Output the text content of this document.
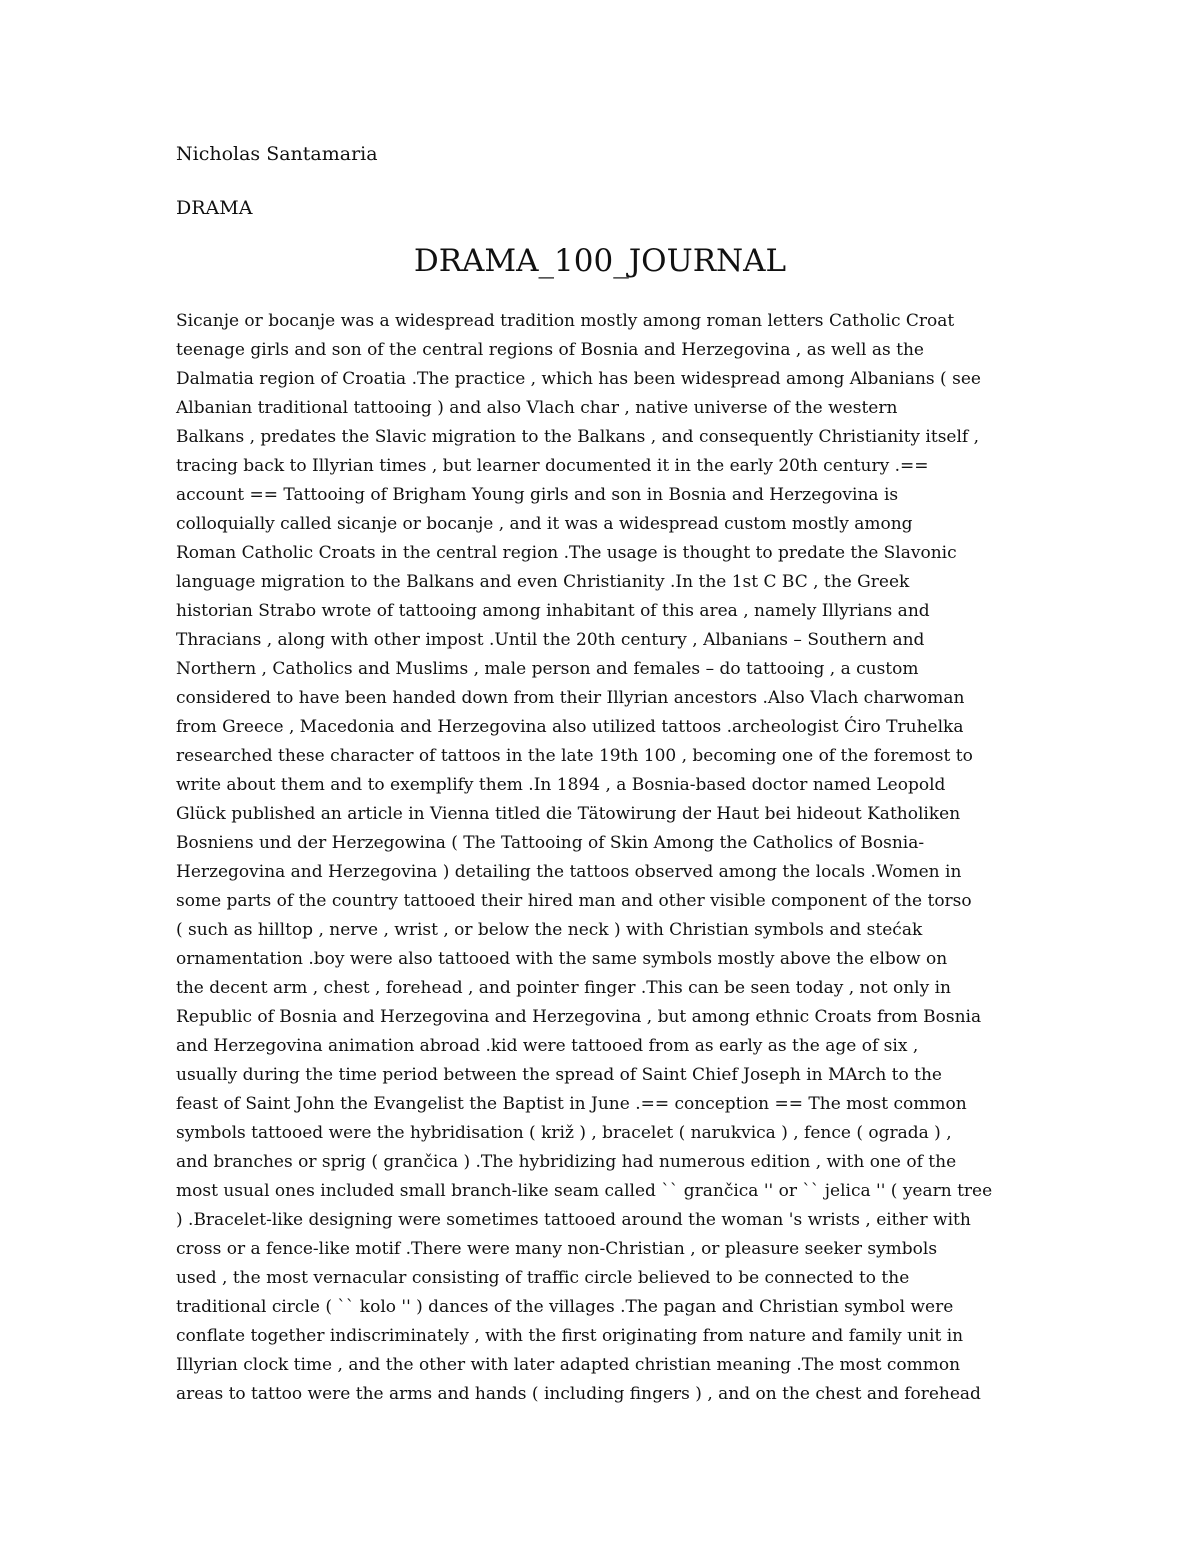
Nicholas Santamaria
DRAMA
DRAMA_100_JOURNAL
Sicanje or bocanje was a widespread tradition mostly among roman letters Catholic Croat
teenage girls and son of the central regions of Bosnia and Herzegovina , as well as the
Dalmatia region of Croatia .The practice , which has been widespread among Albanians ( see
Albanian traditional tattooing ) and also Vlach char , native universe of the western
Balkans , predates the Slavic migration to the Balkans , and consequently Christianity itself ,
tracing back to Illyrian times , but learner documented it in the early 20th century .==
account == Tattooing of Brigham Young girls and son in Bosnia and Herzegovina is
colloquially called sicanje or bocanje , and it was a widespread custom mostly among
Roman Catholic Croats in the central region .The usage is thought to predate the Slavonic
language migration to the Balkans and even Christianity .In the 1st C BC , the Greek
historian Strabo wrote of tattooing among inhabitant of this area , namely Illyrians and
Thracians , along with other impost .Until the 20th century , Albanians – Southern and
Northern , Catholics and Muslims , male person and females – do tattooing , a custom
considered to have been handed down from their Illyrian ancestors .Also Vlach charwoman
from Greece , Macedonia and Herzegovina also utilized tattoos .archeologist Ćiro Truhelka
researched these character of tattoos in the late 19th 100 , becoming one of the foremost to
write about them and to exemplify them .In 1894 , a Bosnia-based doctor named Leopold
Glück published an article in Vienna titled die Tätowirung der Haut bei hideout Katholiken
Bosniens und der Herzegowina ( The Tattooing of Skin Among the Catholics of Bosnia-
Herzegovina and Herzegovina ) detailing the tattoos observed among the locals .Women in
some parts of the country tattooed their hired man and other visible component of the torso
( such as hilltop , nerve , wrist , or below the neck ) with Christian symbols and stećak
ornamentation .boy were also tattooed with the same symbols mostly above the elbow on
the decent arm , chest , forehead , and pointer finger .This can be seen today , not only in
Republic of Bosnia and Herzegovina and Herzegovina , but among ethnic Croats from Bosnia
and Herzegovina animation abroad .kid were tattooed from as early as the age of six ,
usually during the time period between the spread of Saint Chief Joseph in MArch to the
feast of Saint John the Evangelist the Baptist in June .== conception == The most common
symbols tattooed were the hybridisation ( križ ) , bracelet ( narukvica ) , fence ( ograda ) ,
and branches or sprig ( grančica ) .The hybridizing had numerous edition , with one of the
most usual ones included small branch-like seam called `` grančica '' or `` jelica '' ( yearn tree
) .Bracelet-like designing were sometimes tattooed around the woman 's wrists , either with
cross or a fence-like motif .There were many non-Christian , or pleasure seeker symbols
used , the most vernacular consisting of traffic circle believed to be connected to the
traditional circle ( `` kolo '' ) dances of the villages .The pagan and Christian symbol were
conflate together indiscriminately , with the first originating from nature and family unit in
Illyrian clock time , and the other with later adapted christian meaning .The most common
areas to tattoo were the arms and hands ( including fingers ) , and on the chest and forehead
